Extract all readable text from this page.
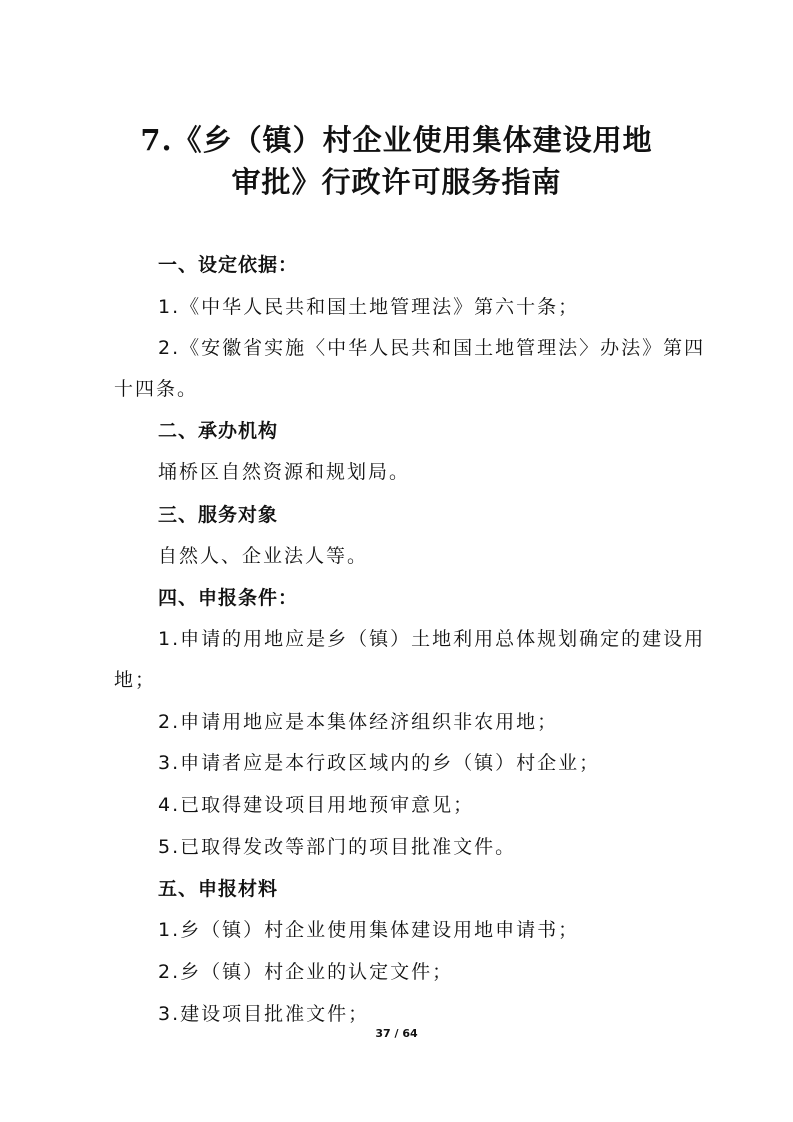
7.《乡（镇）村企业使用集体建设用地
审批》行政许可服务指南

一、设定依据：

1.《中华人民共和国土地管理法》第六十条；

2.《安徽省实施〈中华人民共和国土地管理法〉办法》第四

十四条。

二、承办机构

埇桥区自然资源和规划局。

三、服务对象

自然人、企业法人等。

四、申报条件：

1.申请的用地应是乡（镇）土地利用总体规划确定的建设用

地；

2.申请用地应是本集体经济组织非农用地；

3.申请者应是本行政区域内的乡（镇）村企业；

4.已取得建设项目用地预审意见；

5.已取得发改等部门的项目批准文件。

五、申报材料

1.乡（镇）村企业使用集体建设用地申请书；

2.乡（镇）村企业的认定文件；

3.建设项目批准文件；

37 / 64
